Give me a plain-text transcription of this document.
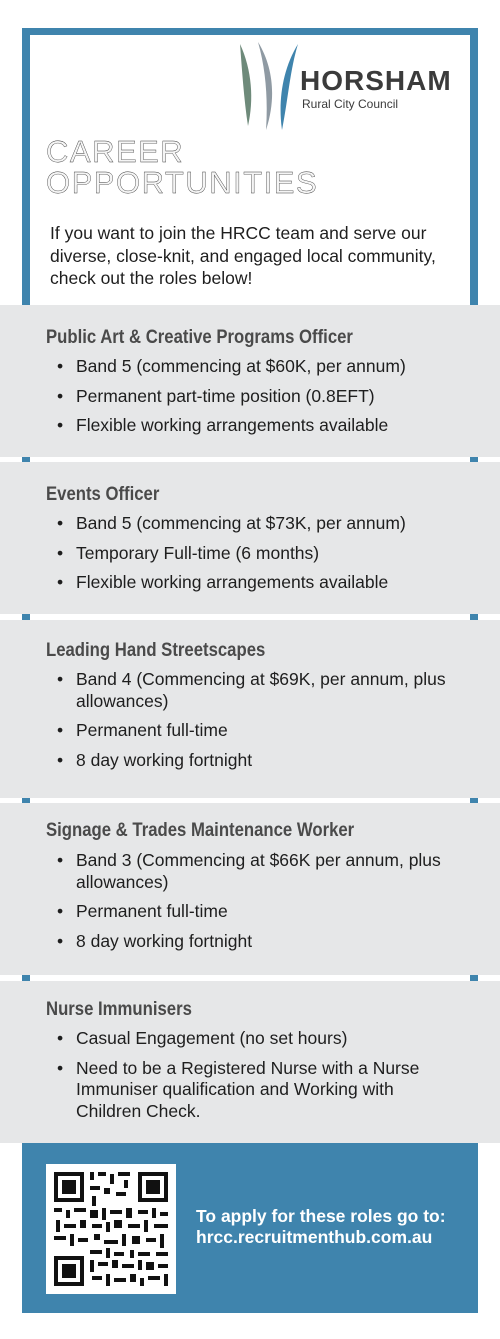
HORSHAM
Rural City Council
CAREER
OPPORTUNITIES
If you want to join the HRCC team and serve our diverse, close-knit, and engaged local community, check out the roles below!
Public Art & Creative Programs Officer
• Band 5 (commencing at $60K, per annum)
• Permanent part-time position (0.8EFT)
• Flexible working arrangements available
Events Officer
• Band 5 (commencing at $73K, per annum)
• Temporary Full-time (6 months)
• Flexible working arrangements available
Leading Hand Streetscapes
• Band 4 (Commencing at $69K, per annum, plus allowances)
• Permanent full-time
• 8 day working fortnight
Signage & Trades Maintenance Worker
• Band 3 (Commencing at $66K per annum, plus allowances)
• Permanent full-time
• 8 day working fortnight
Nurse Immunisers
• Casual Engagement (no set hours)
• Need to be a Registered Nurse with a Nurse Immuniser qualification and Working with Children Check.
To apply for these roles go to:
hrcc.recruitmenthub.com.au
